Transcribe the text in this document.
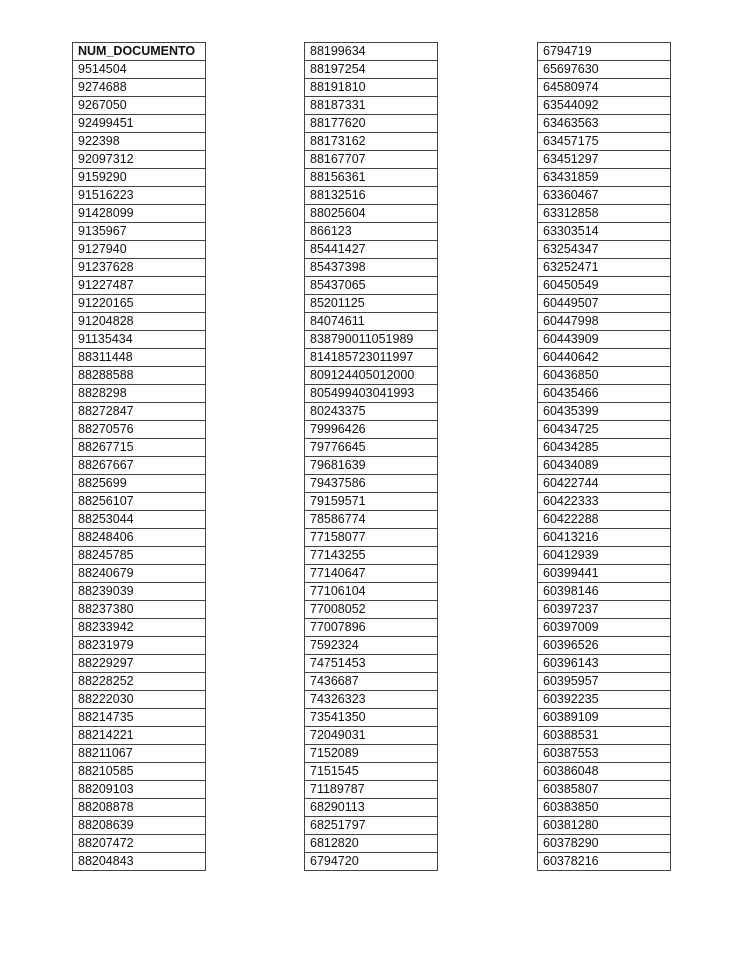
NUM_DOCUMENTO
9514504
9274688
9267050
92499451
922398
92097312
9159290
91516223
91428099
9135967
9127940
91237628
91227487
91220165
91204828
91135434
88311448
88288588
8828298
88272847
88270576
88267715
88267667
8825699
88256107
88253044
88248406
88245785
88240679
88239039
88237380
88233942
88231979
88229297
88228252
88222030
88214735
88214221
88211067
88210585
88209103
88208878
88208639
88207472
88204843
88199634
88197254
88191810
88187331
88177620
88173162
88167707
88156361
88132516
88025604
866123
85441427
85437398
85437065
85201125
84074611
838790011051989
814185723011997
809124405012000
805499403041993
80243375
79996426
79776645
79681639
79437586
79159571
78586774
77158077
77143255
77140647
77106104
77008052
77007896
7592324
74751453
7436687
74326323
73541350
72049031
7152089
7151545
71189787
68290113
68251797
6812820
6794720
6794719
65697630
64580974
63544092
63463563
63457175
63451297
63431859
63360467
63312858
63303514
63254347
63252471
60450549
60449507
60447998
60443909
60440642
60436850
60435466
60435399
60434725
60434285
60434089
60422744
60422333
60422288
60413216
60412939
60399441
60398146
60397237
60397009
60396526
60396143
60395957
60392235
60389109
60388531
60387553
60386048
60385807
60383850
60381280
60378290
60378216
